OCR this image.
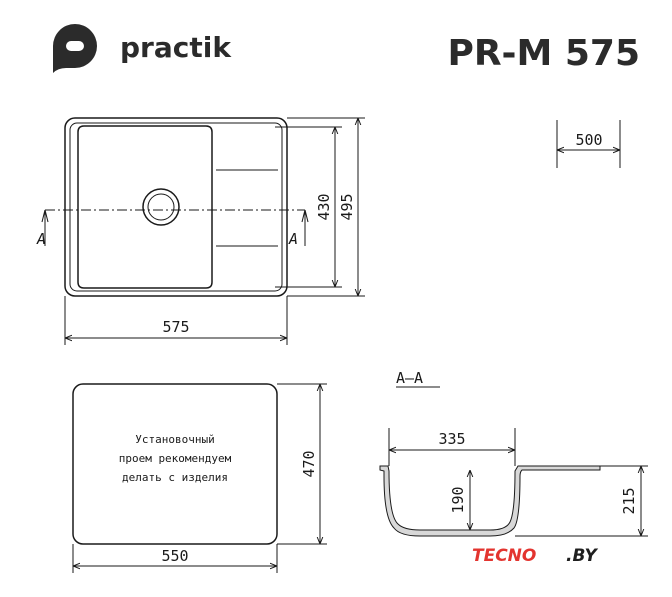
practik	PR-M 575
A	A
430 495
500
575
Установочный
проем рекомендуем
делать с изделия	470
550
A–A
335
190	215
TECNO .BY
